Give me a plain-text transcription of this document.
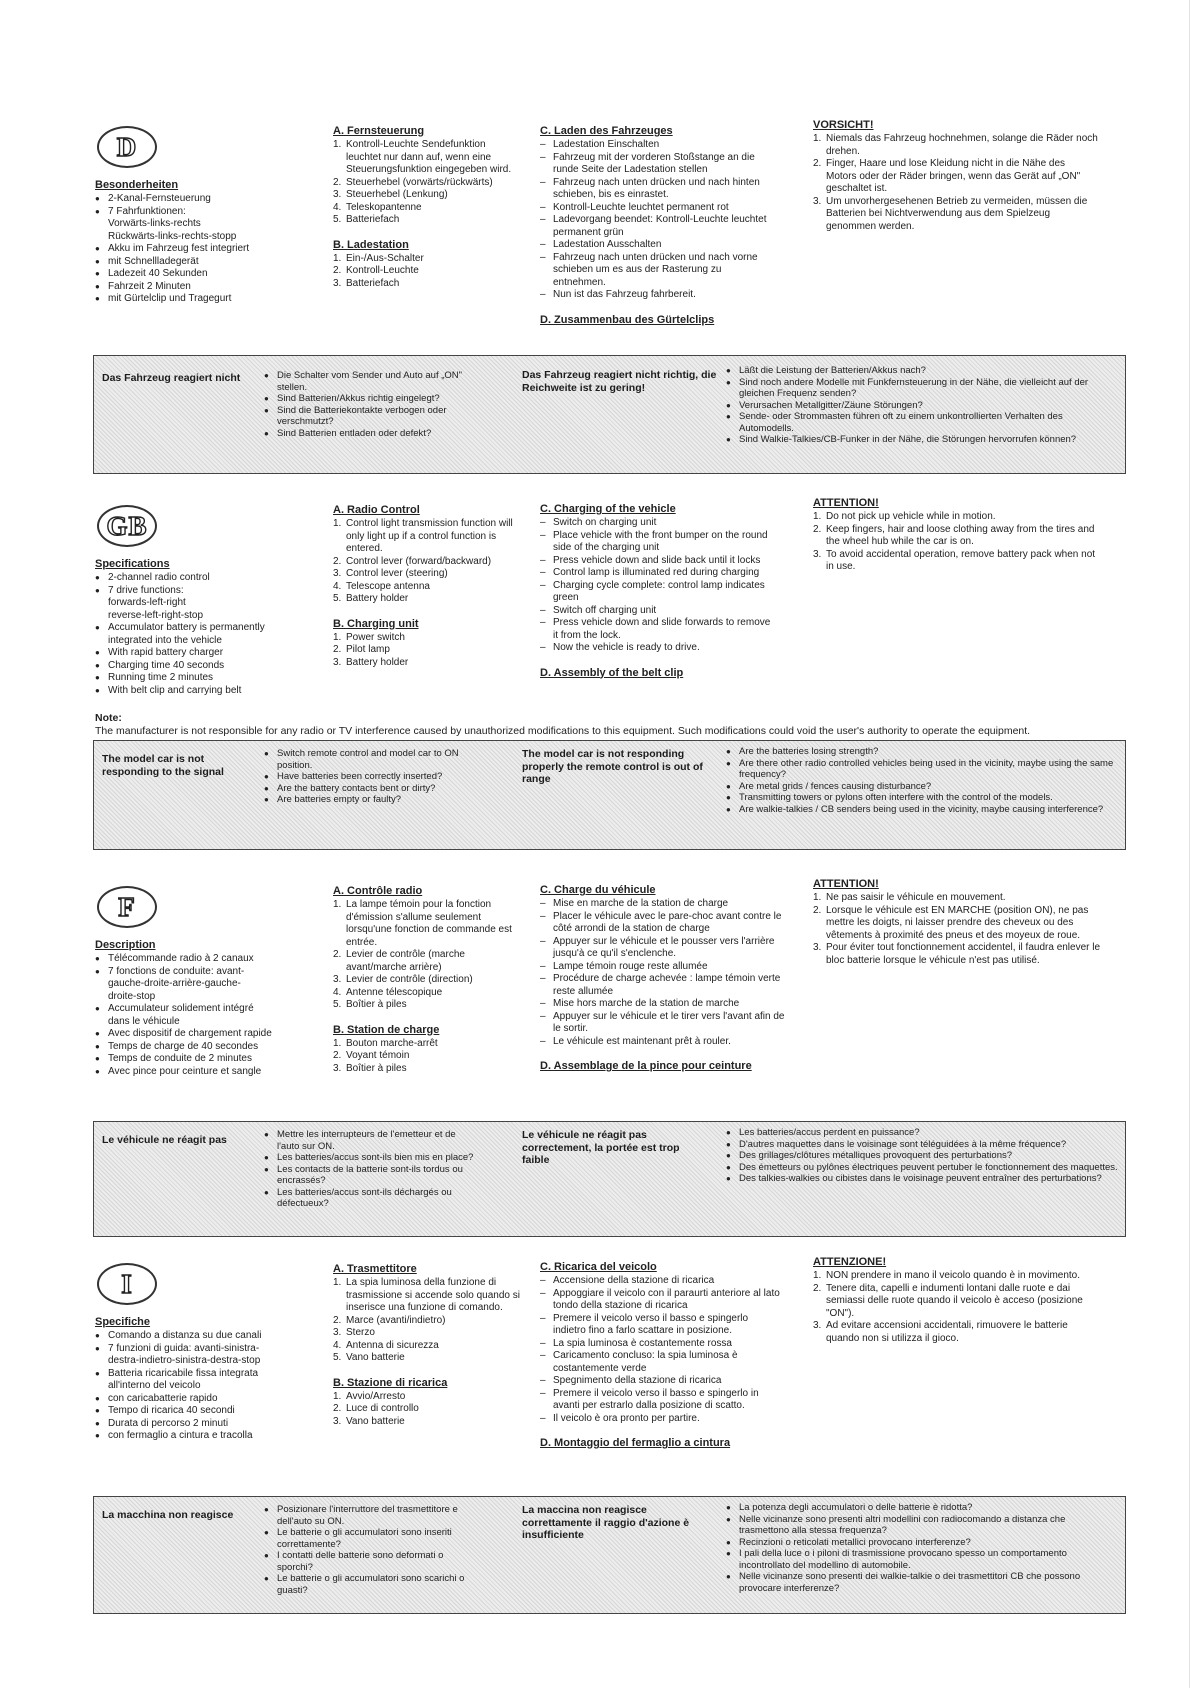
D
Besonderheiten
● 2-Kanal-Fernsteuerung
● 7 Fahrfunktionen:
Vorwärts-links-rechts
Rückwärts-links-rechts-stopp
● Akku im Fahrzeug fest integriert
● mit Schnellladegerät
● Ladezeit 40 Sekunden
● Fahrzeit 2 Minuten
● mit Gürtelclip und Tragegurt
A. Fernsteuerung
1. Kontroll-Leuchte Sendefunktion leuchtet nur dann auf, wenn eine Steuerungsfunktion eingegeben wird.
2. Steuerhebel (vorwärts/rückwärts)
3. Steuerhebel (Lenkung)
4. Teleskopantenne
5. Batteriefach
B. Ladestation
1. Ein-/Aus-Schalter
2. Kontroll-Leuchte
3. Batteriefach
C. Laden des Fahrzeuges
– Ladestation Einschalten
– Fahrzeug mit der vorderen Stoßstange an die runde Seite der Ladestation stellen
– Fahrzeug nach unten drücken und nach hinten schieben, bis es einrastet.
– Kontroll-Leuchte leuchtet permanent rot
– Ladevorgang beendet: Kontroll-Leuchte leuchtet permanent grün
– Ladestation Ausschalten
– Fahrzeug nach unten drücken und nach vorne schieben um es aus der Rasterung zu entnehmen.
– Nun ist das Fahrzeug fahrbereit.
D. Zusammenbau des Gürtelclips
VORSICHT!
1. Niemals das Fahrzeug hochnehmen, solange die Räder noch drehen.
2. Finger, Haare und lose Kleidung nicht in die Nähe des Motors oder der Räder bringen, wenn das Gerät auf „ON" geschaltet ist.
3. Um unvorhergesehenen Betrieb zu vermeiden, müssen die Batterien bei Nichtverwendung aus dem Spielzeug genommen werden.
Das Fahrzeug reagiert nicht	● Die Schalter vom Sender und Auto auf „ON" stellen.
● Sind Batterien/Akkus richtig eingelegt?
● Sind die Batteriekontakte verbogen oder verschmutzt?
● Sind Batterien entladen oder defekt?
Das Fahrzeug reagiert nicht richtig, die Reichweite ist zu gering!
● Läßt die Leistung der Batterien/Akkus nach?
● Sind noch andere Modelle mit Funkfernsteuerung in der Nähe, die vielleicht auf der gleichen Frequenz senden?
● Verursachen Metallgitter/Zäune Störungen?
● Sende- oder Strommasten führen oft zu einem unkontrollierten Verhalten des Automodells.
● Sind Walkie-Talkies/CB-Funker in der Nähe, die Störungen hervorrufen können?
GB
Specifications
● 2-channel radio control
● 7 drive functions: forwards-left-right reverse-left-right-stop
● Accumulator battery is permanently integrated into the vehicle
● With rapid battery charger
● Charging time 40 seconds
● Running time 2 minutes
● With belt clip and carrying belt
A. Radio Control
1. Control light transmission function will only light up if a control function is entered.
2. Control lever (forward/backward)
3. Control lever (steering)
4. Telescope antenna
5. Battery holder
B. Charging unit
1. Power switch
2. Pilot lamp
3. Battery holder
C. Charging of the vehicle
– Switch on charging unit
– Place vehicle with the front bumper on the round side of the charging unit
– Press vehicle down and slide back until it locks
– Control lamp is illuminated red during charging
– Charging cycle complete: control lamp indicates green
– Switch off charging unit
– Press vehicle down and slide forwards to remove it from the lock.
– Now the vehicle is ready to drive.
D. Assembly of the belt clip
ATTENTION!
1. Do not pick up vehicle while in motion.
2. Keep fingers, hair and loose clothing away from the tires and the wheel hub while the car is on.
3. To avoid accidental operation, remove battery pack when not in use.
Note:
The manufacturer is not responsible for any radio or TV interference caused by unauthorized modifications to this equipment. Such modifications could void the user's authority to operate the equipment.
The model car is not responding to the signal
● Switch remote control and model car to ON position.
● Have batteries been correctly inserted?
● Are the battery contacts bent or dirty?
● Are batteries empty or faulty?
The model car is not responding properly the remote control is out of range
● Are the batteries losing strength?
● Are there other radio controlled vehicles being used in the vicinity, maybe using the same frequency?
● Are metal grids / fences causing disturbance?
● Transmitting towers or pylons often interfere with the control of the models.
● Are walkie-talkies / CB senders being used in the vicinity, maybe causing interference?
F
Description
● Télécommande radio à 2 canaux
● 7 fonctions de conduite: avant-gauche-droite-arrière-gauche-droite-stop
● Accumulateur solidement intégré dans le véhicule
● Avec dispositif de chargement rapide
● Temps de charge de 40 secondes
● Temps de conduite de 2 minutes
● Avec pince pour ceinture et sangle
A. Contrôle radio
1. La lampe témoin pour la fonction d'émission s'allume seulement lorsqu'une fonction de commande est entrée.
2. Levier de contrôle (marche avant/marche arrière)
3. Levier de contrôle (direction)
4. Antenne télescopique
5. Boîtier à piles
B. Station de charge
1. Bouton marche-arrêt
2. Voyant témoin
3. Boîtier à piles
C. Charge du véhicule
– Mise en marche de la station de charge
– Placer le véhicule avec le pare-choc avant contre le côté arrondi de la station de charge
– Appuyer sur le véhicule et le pousser vers l'arrière jusqu'à ce qu'il s'enclenche.
– Lampe témoin rouge reste allumée
– Procédure de charge achevée : lampe témoin verte reste allumée
– Mise hors marche de la station de marche
– Appuyer sur le véhicule et le tirer vers l'avant afin de le sortir.
– Le véhicule est maintenant prêt à rouler.
D. Assemblage de la pince pour ceinture
ATTENTION!
1. Ne pas saisir le véhicule en mouvement.
2. Lorsque le véhicule est EN MARCHE (position ON), ne pas mettre les doigts, ni laisser prendre des cheveux ou des vêtements à proximité des pneus et des moyeux de roue.
3. Pour éviter tout fonctionnement accidentel, il faudra enlever le bloc batterie lorsque le véhicule n'est pas utilisé.
Le véhicule ne réagit pas	● Mettre les interrupteurs de l'emetteur et de l'auto sur ON.
● Les batteries/accus sont-ils bien mis en place?
● Les contacts de la batterie sont-ils tordus ou encrassés?
● Les batteries/accus sont-ils déchargés ou défectueux?
Le véhicule ne réagit pas correctement, la portée est trop faible
● Les batteries/accus perdent en puissance?
● D'autres maquettes dans le voisinage sont téléguidées à la même fréquence?
● Des grillages/clôtures métalliques provoquent des perturbations?
● Des émetteurs ou pylônes électriques peuvent pertuber le fonctionnement des maquettes.
● Des talkies-walkies ou cibistes dans le voisinage peuvent entraîner des perturbations?
I
Specifiche
● Comando a distanza su due canali
● 7 funzioni di guida: avanti-sinistra-destra-indietro-sinistra-destra-stop
● Batteria ricaricabile fissa integrata all'interno del veicolo
● con caricabatterie rapido
● Tempo di ricarica 40 secondi
● Durata di percorso 2 minuti
● con fermaglio a cintura e tracolla
A. Trasmettitore
1. La spia luminosa della funzione di trasmissione si accende solo quando si inserisce una funzione di comando.
2. Marce (avanti/indietro)
3. Sterzo
4. Antenna di sicurezza
5. Vano batterie
B. Stazione di ricarica
1. Avvio/Arresto
2. Luce di controllo
3. Vano batterie
C. Ricarica del veicolo
– Accensione della stazione di ricarica
– Appoggiare il veicolo con il paraurti anteriore al lato tondo della stazione di ricarica
– Premere il veicolo verso il basso e spingerlo indietro fino a farlo scattare in posizione.
– La spia luminosa è costantemente rossa
– Caricamento concluso: la spia luminosa è costantemente verde
– Spegnimento della stazione di ricarica
– Premere il veicolo verso il basso e spingerlo in avanti per estrarlo dalla posizione di scatto.
– Il veicolo è ora pronto per partire.
D. Montaggio del fermaglio a cintura
ATTENZIONE!
1. NON prendere in mano il veicolo quando è in movimento.
2. Tenere dita, capelli e indumenti lontani dalle ruote e dai semiassi delle ruote quando il veicolo è acceso (posizione "ON").
3. Ad evitare accensioni accidentali, rimuovere le batterie quando non si utilizza il gioco.
La macchina non reagisce	● Posizionare l'interruttore del trasmettitore e dell'auto su ON.
● Le batterie o gli accumulatori sono inseriti correttamente?
● I contatti delle batterie sono deformati o sporchi?
● Le batterie o gli accumulatori sono scarichi o guasti?
La maccina non reagisce correttamente il raggio d'azione è insufficiente
● La potenza degli accumulatori o delle batterie è ridotta?
● Nelle vicinanze sono presenti altri modellini con radiocomando a distanza che trasmettono alla stessa frequenza?
● Recinzioni o reticolati metallici provocano interferenze?
● I pali della luce o i piloni di trasmissione provocano spesso un comportamento incontrollato del modellino di automobile.
● Nelle vicinanze sono presenti dei walkie-talkie o dei trasmettitori CB che possono provocare interferenze?
